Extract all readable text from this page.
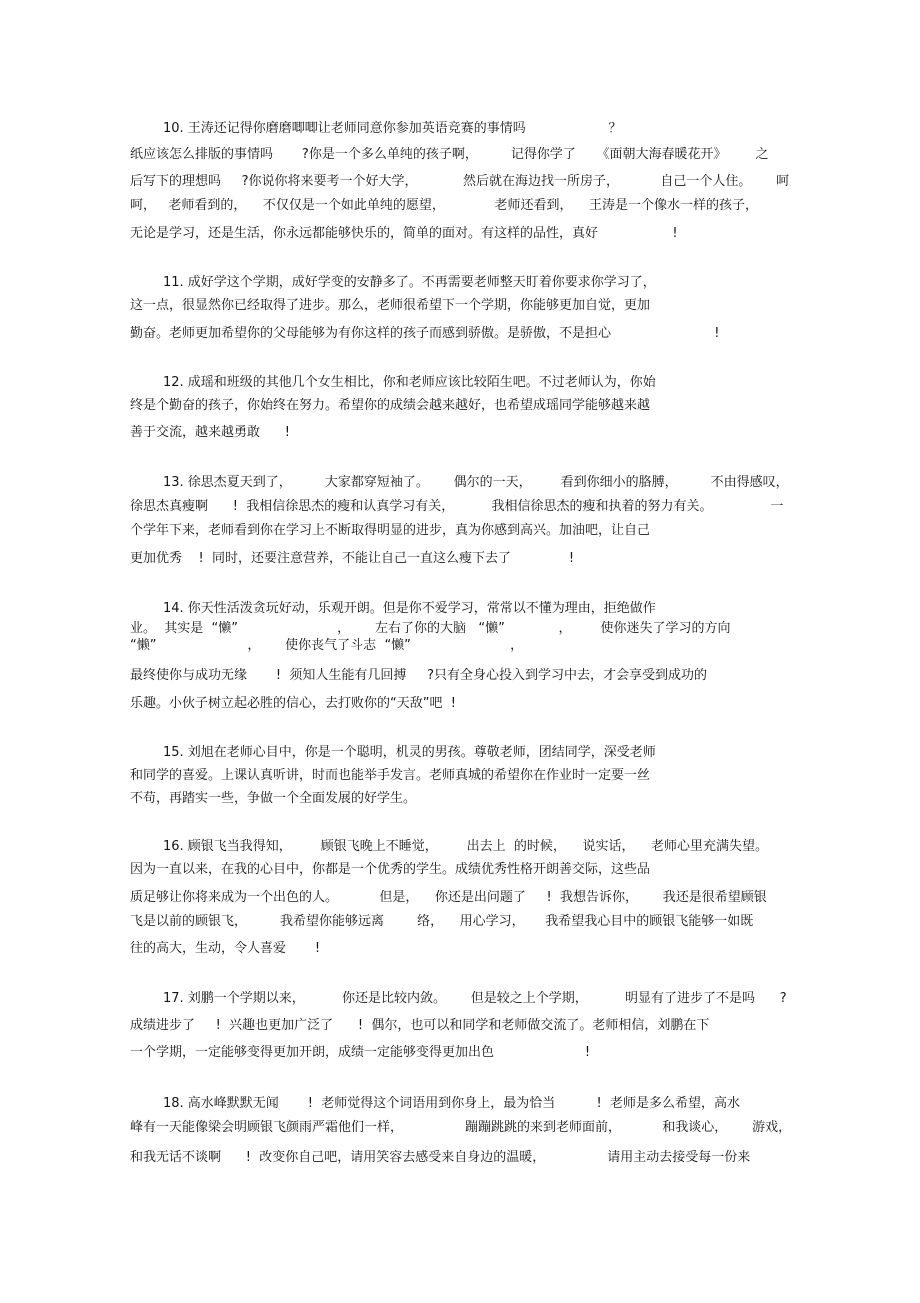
10. 王涛还记得你磨磨唧唧让老师同意你参加英语竞赛的事情吗                    ？
纸应该怎么排版的事情吗       ?你是一个多么单纯的孩子啊，        记得你学了     《面朝大海春暖花开》       之
后写下的理想吗     ?你说你将来要考一个好大学，           然后就在海边找一所房子，          自己一个人住。      呵
呵，   老师看到的，    不仅仅是一个如此单纯的愿望，            老师还看到，    王涛是一个像水一样的孩子，
无论是学习，还是生活，你永远都能够快乐的，简单的面对。有这样的品性，真好                  !
11. 成好学这个学期，成好学变的安静多了。不再需要老师整天盯着你要求你学习了，
这一点，很显然你已经取得了进步。那么，老师很希望下一个学期，你能够更加自觉，更加
勤奋。老师更加希望你的父母能够为有你这样的孩子而感到骄傲。是骄傲，不是担心                         !
12. 成瑶和班级的其他几个女生相比，你和老师应该比较陌生吧。不过老师认为，你始
终是个勤奋的孩子，你始终在努力。希望你的成绩会越来越好，也希望成瑶同学能够越来越
善于交流，越来越勇敢      !
13. 徐思杰夏天到了，        大家都穿短袖了。      偶尔的一天，       看到你细小的胳膊，        不由得感叹，
徐思杰真瘦啊      !  我相信徐思杰的瘦和认真学习有关，         我相信徐思杰的瘦和执着的努力有关。              一
个学年下来，老师看到你在学习上不断取得明显的进步，真为你感到高兴。加油吧，让自己
更加优秀    !  同时，还要注意营养，不能让自己一直这么瘦下去了              !
14. 你天性活泼贪玩好动，乐观开朗。但是你不爱学习，常常以不懂为理由，拒绝做作
业。  其实是  “懒”                        ，      左右了你的大脑   “懒”             ，       使你迷失了学习的方向
“懒”                      ，      使你丧气了斗志  “懒”                        ，
最终使你与成功无缘       !  须知人生能有几回搏     ?只有全身心投入到学习中去，才会享受到成功的
乐趣。小伙子树立起必胜的信心，去打败你的“天敌”吧  !
15. 刘旭在老师心目中，你是一个聪明，机灵的男孩。尊敬老师，团结同学，深受老师
和同学的喜爱。上课认真听讲，时而也能举手发言。老师真城的希望你在作业时一定要一丝
不苟，再踏实一些，争做一个全面发展的好学生。
16. 顾银飞当我得知，       顾银飞晚上不睡觉，       出去上  的时候，    说实话，    老师心里充满失望。
因为一直以来，在我的心目中，你都是一个优秀的学生。成绩优秀性格开朗善交际，这些品
质足够让你将来成为一个出色的人。          但是，    你还是出问题了     !  我想告诉你，      我还是很希望顾银
飞是以前的顾银飞，        我希望你能够远离        络，    用心学习，     我希望我心目中的顾银飞能够一如既
往的高大，生动，令人喜爱       !
17. 刘鹏一个学期以来，         你还是比较内敛。      但是较之上个学期，         明显有了进步了不是吗      ?
成绩进步了     !  兴趣也更加广泛了      !  偶尔，也可以和同学和老师做交流了。老师相信，刘鹏在下
一个学期，一定能够变得更加开朗，成绩一定能够变得更加出色                      !
18. 高水峰默默无闻       !  老师觉得这个词语用到你身上，最为恰当          !  老师是多么希望，高水
峰有一天能像梁会明顾银飞颜雨严霜他们一样，               蹦蹦跳跳的来到老师面前，          和我谈心，      游戏，
和我无话不谈啊      !  改变你自己吧，请用笑容去感受来自身边的温暖，               请用主动去接受每一份来
